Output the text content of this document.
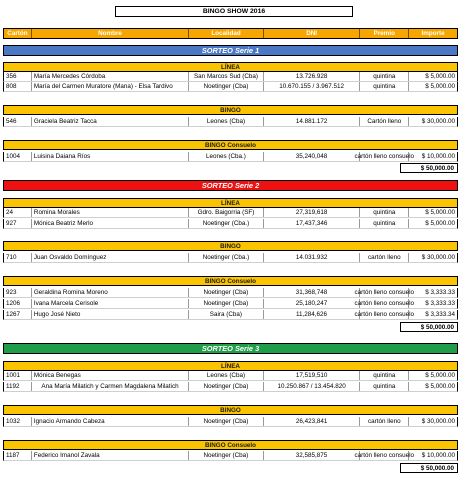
BINGO SHOW 2016
Cartón	Nombre	Localidad	DNI	Premio	Importe
SORTEO Serie 1
LÍNEA
356	María Mercedes Córdoba	San Marcos Sud (Cba)	13.726.928	quintina	$ 5,000.00
808	María del Carmen Muratore (Mana) - Elsa Tardivo	Noetinger (Cba)	10.670.155 / 3.967.512	quintina	$ 5,000.00
BINGO
546	Graciela Beatriz Tacca	Leones (Cba)	14.881.172	Cartón lleno	$ 30,000.00
BINGO Consuelo
1004	Luisina Daiana Ríos	Leones (Cba.)	35,240,048	cartón lleno consuelo	$ 10,000.00
$ 50,000.00
SORTEO Serie 2
LÍNEA
24	Romina Morales	Gdro. Baigorria (SF)	27,319,618	quintina	$ 5,000.00
927	Mónica Beatriz Merlo	Noetinger (Cba.)	17,437,346	quintina	$ 5,000.00
BINGO
710	Juan Osvaldo Domínguez	Noetinger (Cba.)	14.031.932	cartón lleno	$ 30,000.00
BINGO Consuelo
923	Geraldina Romina Moreno	Noetinger (Cba)	31,368,748	cartón lleno consuelo	$ 3,333.33
1206	Ivana Marcela Cerisole	Noetinger (Cba)	25,180,247	cartón lleno consuelo	$ 3,333.33
1267	Hugo José Nieto	Saira (Cba)	11,284,626	cartón lleno consuelo	$ 3,333.34
$ 50,000.00
SORTEO Serie 3
LÍNEA
1001	Mónica Benegas	Leones (Cba)	17,519,510	quintina	$ 5,000.00
1192	Ana María Milatich y Carmen Magdalena Milatich	Noetinger (Cba)	10.250.867 / 13.454.820	quintina	$ 5,000.00
BINGO
1032	Ignacio Armando Cabeza	Noetinger (Cba)	26,423,841	cartón lleno	$ 30,000.00
BINGO Consuelo
1187	Federico Imanol Zavala	Noetinger (Cba)	32,585,875	cartón lleno consuelo	$ 10,000.00
$ 50,000.00
